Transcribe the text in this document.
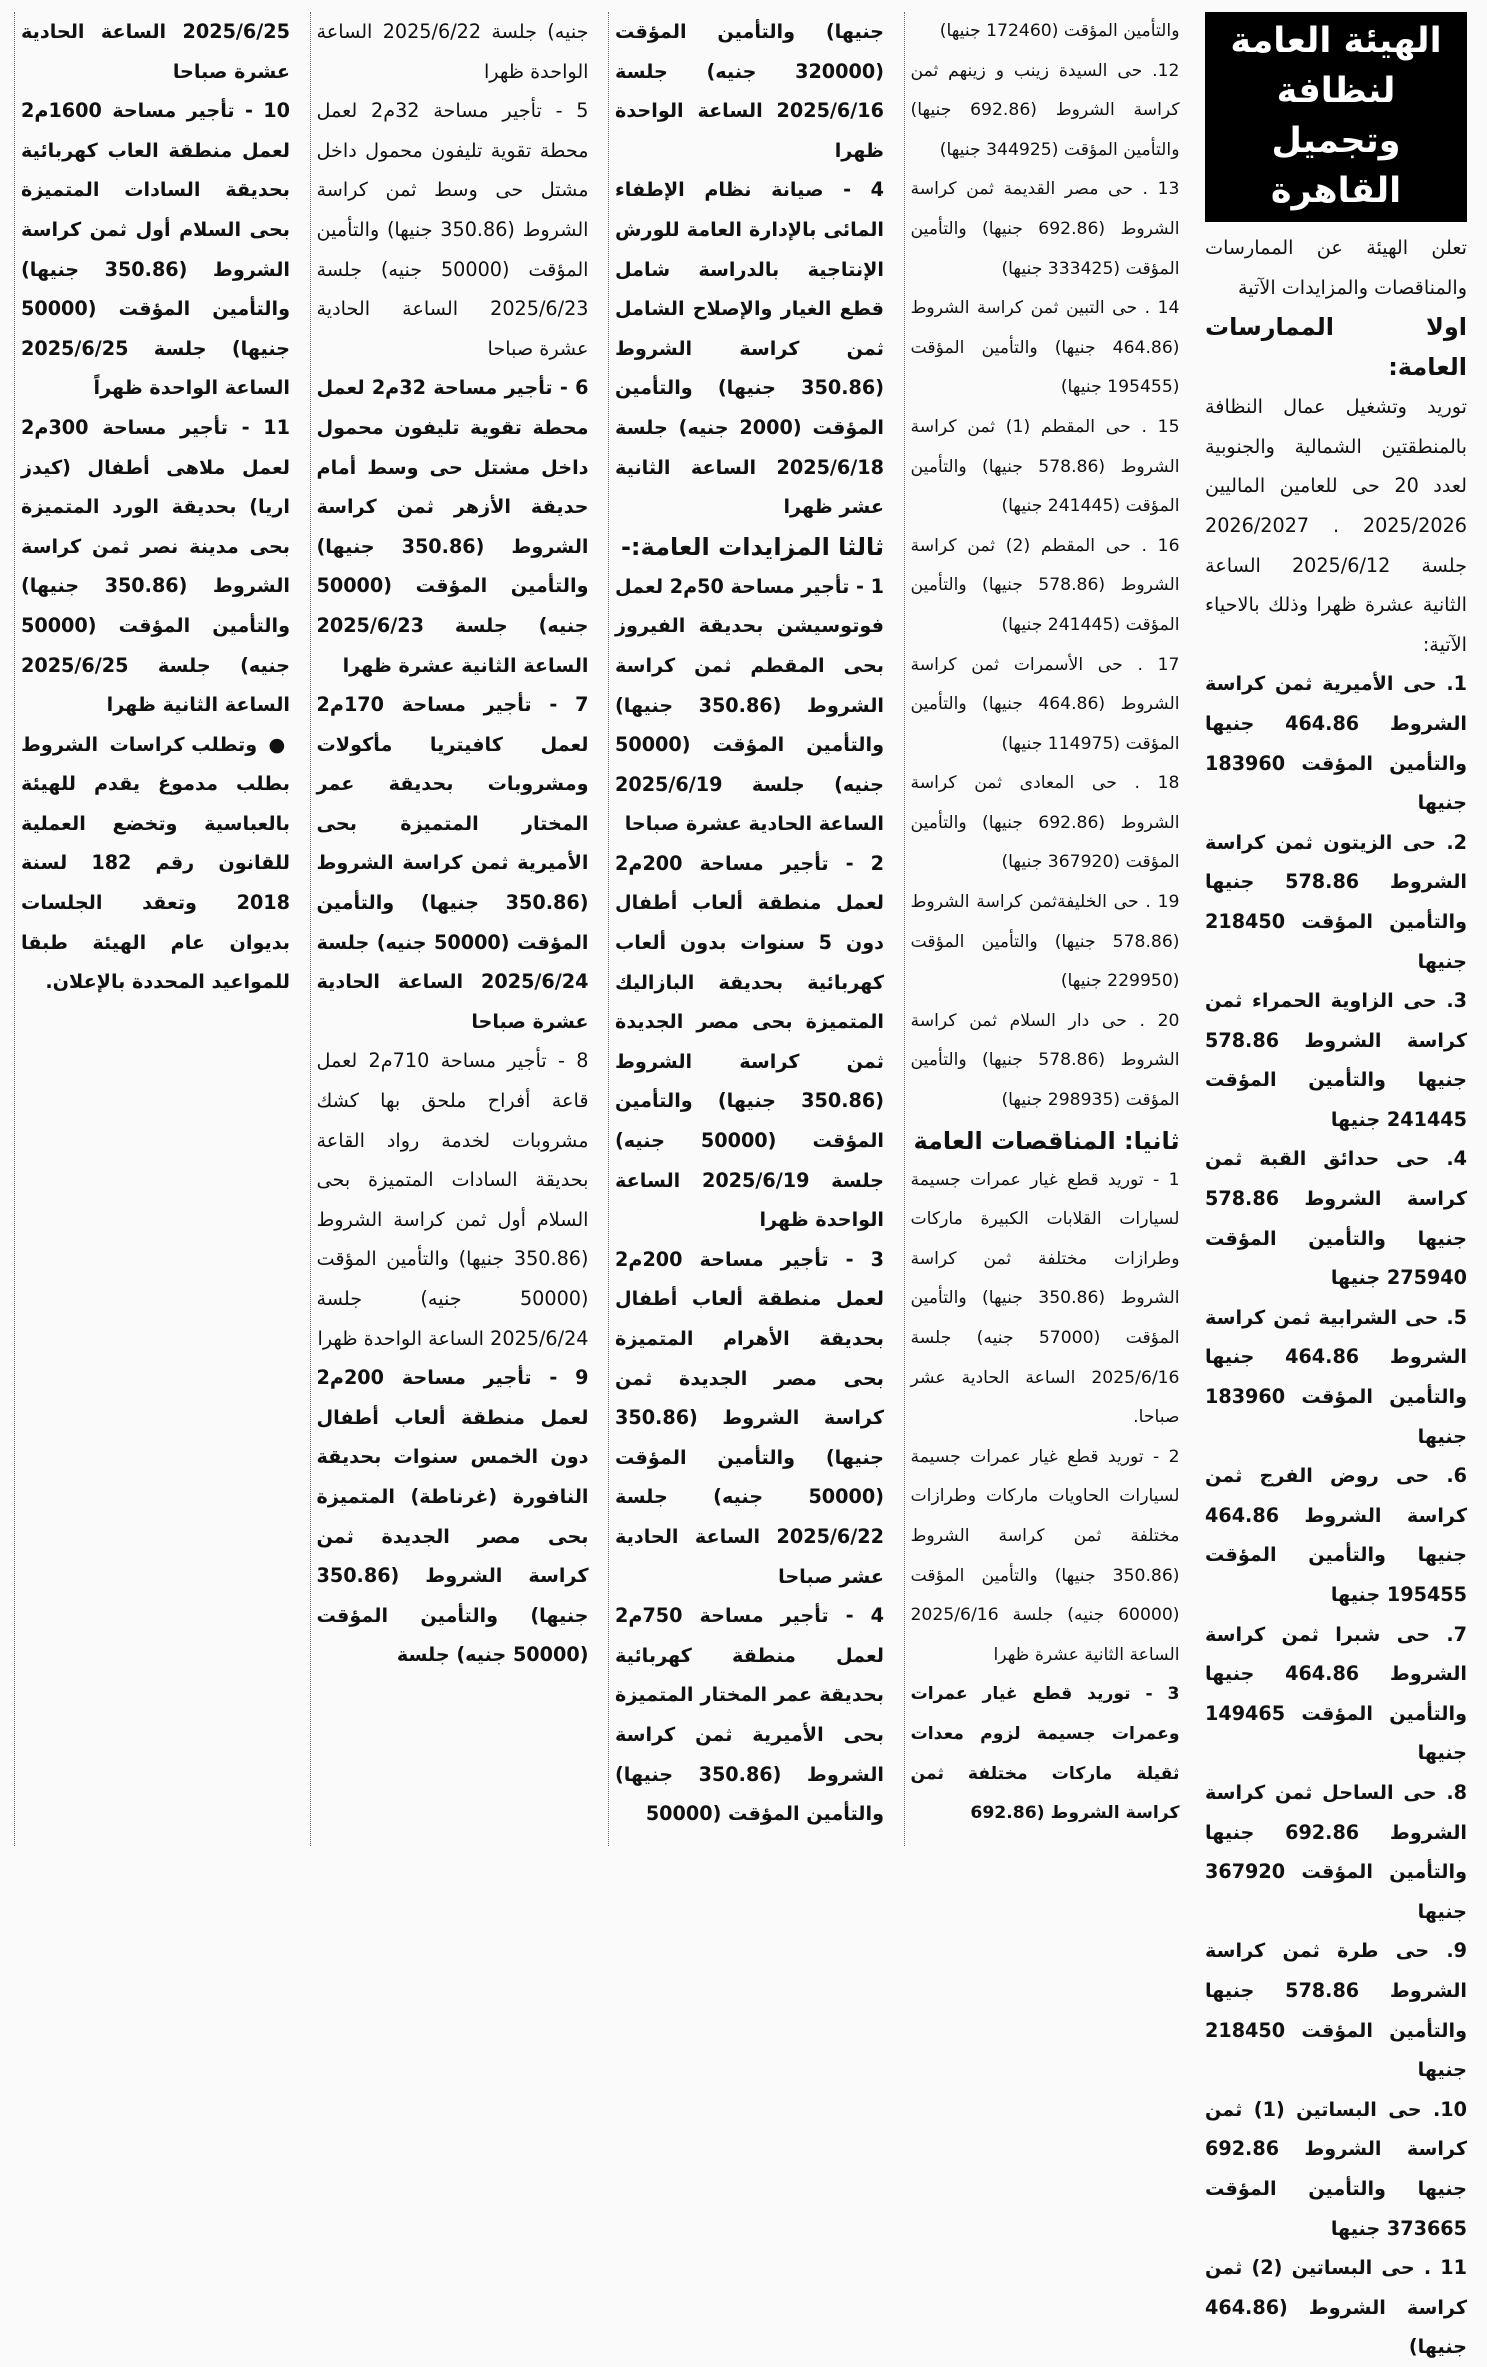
الهيئة العامة لنظافة وتجميل القاهرة

تعلن الهيئة عن الممارسات والمناقصات والمزايدات الآتية

اولا الممارسات العامة:

توريد وتشغيل عمال النظافة بالمنطقتين الشمالية والجنوبية لعدد 20 حى للعامين الماليين 2025/2026 . 2026/2027 جلسة 2025/6/12 الساعة الثانية عشرة ظهرا وذلك بالاحياء الآتية:

1. حى الأميرية ثمن كراسة الشروط 464.86 جنيها والتأمين المؤقت 183960 جنيها

2. حى الزيتون ثمن كراسة الشروط 578.86 جنيها والتأمين المؤقت 218450 جنيها

3. حى الزاوية الحمراء ثمن كراسة الشروط 578.86 جنيها والتأمين المؤقت 241445 جنيها

4. حى حدائق القبة ثمن كراسة الشروط 578.86 جنيها والتأمين المؤقت 275940 جنيها

5. حى الشرابية ثمن كراسة الشروط 464.86 جنيها والتأمين المؤقت 183960 جنيها

6. حى روض الفرج ثمن كراسة الشروط 464.86 جنيها والتأمين المؤقت 195455 جنيها

7. حى شبرا ثمن كراسة الشروط 464.86 جنيها والتأمين المؤقت 149465 جنيها

8. حى الساحل ثمن كراسة الشروط 692.86 جنيها والتأمين المؤقت 367920 جنيها

9. حى طرة ثمن كراسة الشروط 578.86 جنيها والتأمين المؤقت 218450 جنيها

10. حى البساتين (1) ثمن كراسة الشروط 692.86 جنيها والتأمين المؤقت 373665 جنيها

11 . حى البساتين (2) ثمن كراسة الشروط (464.86 جنيها)

والتأمين المؤقت (172460 جنيها)

12. حى السيدة زينب و زينهم ثمن كراسة الشروط (692.86 جنيها) والتأمين المؤقت (344925 جنيها)

13 . حى مصر القديمة ثمن كراسة الشروط (692.86 جنيها) والتأمين المؤقت (333425 جنيها)

14 . حى التبين ثمن كراسة الشروط (464.86 جنيها) والتأمين المؤقت (195455 جنيها)

15 . حى المقطم (1) ثمن كراسة الشروط (578.86 جنيها) والتأمين المؤقت (241445 جنيها)

16 . حى المقطم (2) ثمن كراسة الشروط (578.86 جنيها) والتأمين المؤقت (241445 جنيها)

17 . حى الأسمرات ثمن كراسة الشروط (464.86 جنيها) والتأمين المؤقت (114975 جنيها)

18 . حى المعادى ثمن كراسة الشروط (692.86 جنيها) والتأمين المؤقت (367920 جنيها)

19 . حى الخليفةثمن كراسة الشروط (578.86 جنيها) والتأمين المؤقت (229950 جنيها)

20 . حى دار السلام ثمن كراسة الشروط (578.86 جنيها) والتأمين المؤقت (298935 جنيها)

ثانيا: المناقصات العامة

1 - توريد قطع غيار عمرات جسيمة لسيارات القلابات الكبيرة ماركات وطرازات مختلفة ثمن كراسة الشروط (350.86 جنيها) والتأمين المؤقت (57000 جنيه) جلسة 2025/6/16 الساعة الحادية عشر صباحا.

2 - توريد قطع غيار عمرات جسيمة لسيارات الحاويات ماركات وطرازات مختلفة ثمن كراسة الشروط (350.86 جنيها) والتأمين المؤقت (60000 جنيه) جلسة 2025/6/16 الساعة الثانية عشرة ظهرا

3 - توريد قطع غيار عمرات وعمرات جسيمة لزوم معدات ثقيلة ماركات مختلفة ثمن كراسة الشروط (692.86

جنيها) والتأمين المؤقت (320000 جنيه) جلسة 2025/6/16 الساعة الواحدة ظهرا

4 - صيانة نظام الإطفاء المائى بالإدارة العامة للورش الإنتاجية بالدراسة شامل قطع الغيار والإصلاح الشامل ثمن كراسة الشروط (350.86 جنيها) والتأمين المؤقت (2000 جنيه) جلسة 2025/6/18 الساعة الثانية عشر ظهرا

ثالثا المزايدات العامة:-

1 - تأجير مساحة 50م2 لعمل فوتوسيشن بحديقة الفيروز بحى المقطم ثمن كراسة الشروط (350.86 جنيها) والتأمين المؤقت (50000 جنيه) جلسة 2025/6/19 الساعة الحادية عشرة صباحا

2 - تأجير مساحة 200م2 لعمل منطقة ألعاب أطفال دون 5 سنوات بدون ألعاب كهربائية بحديقة البازاليك المتميزة بحى مصر الجديدة ثمن كراسة الشروط (350.86 جنيها) والتأمين المؤقت (50000 جنيه) جلسة 2025/6/19 الساعة الواحدة ظهرا

3 - تأجير مساحة 200م2 لعمل منطقة ألعاب أطفال بحديقة الأهرام المتميزة بحى مصر الجديدة ثمن كراسة الشروط (350.86 جنيها) والتأمين المؤقت (50000 جنيه) جلسة 2025/6/22 الساعة الحادية عشر صباحا

4 - تأجير مساحة 750م2 لعمل منطقة كهربائية بحديقة عمر المختار المتميزة بحى الأميرية ثمن كراسة الشروط (350.86 جنيها) والتأمين المؤقت (50000

جنيه) جلسة 2025/6/22 الساعة الواحدة ظهرا

5 - تأجير مساحة 32م2 لعمل محطة تقوية تليفون محمول داخل مشتل حى وسط ثمن كراسة الشروط (350.86 جنيها) والتأمين المؤقت (50000 جنيه) جلسة 2025/6/23 الساعة الحادية عشرة صباحا

6 - تأجير مساحة 32م2 لعمل محطة تقوية تليفون محمول داخل مشتل حى وسط أمام حديقة الأزهر ثمن كراسة الشروط (350.86 جنيها) والتأمين المؤقت (50000 جنيه) جلسة 2025/6/23 الساعة الثانية عشرة ظهرا

7 - تأجير مساحة 170م2 لعمل كافيتريا مأكولات ومشروبات بحديقة عمر المختار المتميزة بحى الأميرية ثمن كراسة الشروط (350.86 جنيها) والتأمين المؤقت (50000 جنيه) جلسة 2025/6/24 الساعة الحادية عشرة صباحا

8 - تأجير مساحة 710م2 لعمل قاعة أفراح ملحق بها كشك مشروبات لخدمة رواد القاعة بحديقة السادات المتميزة بحى السلام أول ثمن كراسة الشروط (350.86 جنيها) والتأمين المؤقت (50000 جنيه) جلسة 2025/6/24 الساعة الواحدة ظهرا

9 - تأجير مساحة 200م2 لعمل منطقة ألعاب أطفال دون الخمس سنوات بحديقة النافورة (غرناطة) المتميزة بحى مصر الجديدة ثمن كراسة الشروط (350.86 جنيها) والتأمين المؤقت (50000 جنيه) جلسة

2025/6/25 الساعة الحادية عشرة صباحا

10 - تأجير مساحة 1600م2 لعمل منطقة العاب كهربائية بحديقة السادات المتميزة بحى السلام أول ثمن كراسة الشروط (350.86 جنيها) والتأمين المؤقت (50000 جنيها) جلسة 2025/6/25 الساعة الواحدة ظهراً

11 - تأجير مساحة 300م2 لعمل ملاهى أطفال (كيدز اريا) بحديقة الورد المتميزة بحى مدينة نصر ثمن كراسة الشروط (350.86 جنيها) والتأمين المؤقت (50000 جنيه) جلسة 2025/6/25 الساعة الثانية ظهرا

● وتطلب كراسات الشروط بطلب مدموغ يقدم للهيئة بالعباسية وتخضع العملية للقانون رقم 182 لسنة 2018 وتعقد الجلسات بديوان عام الهيئة طبقا للمواعيد المحددة بالإعلان.
